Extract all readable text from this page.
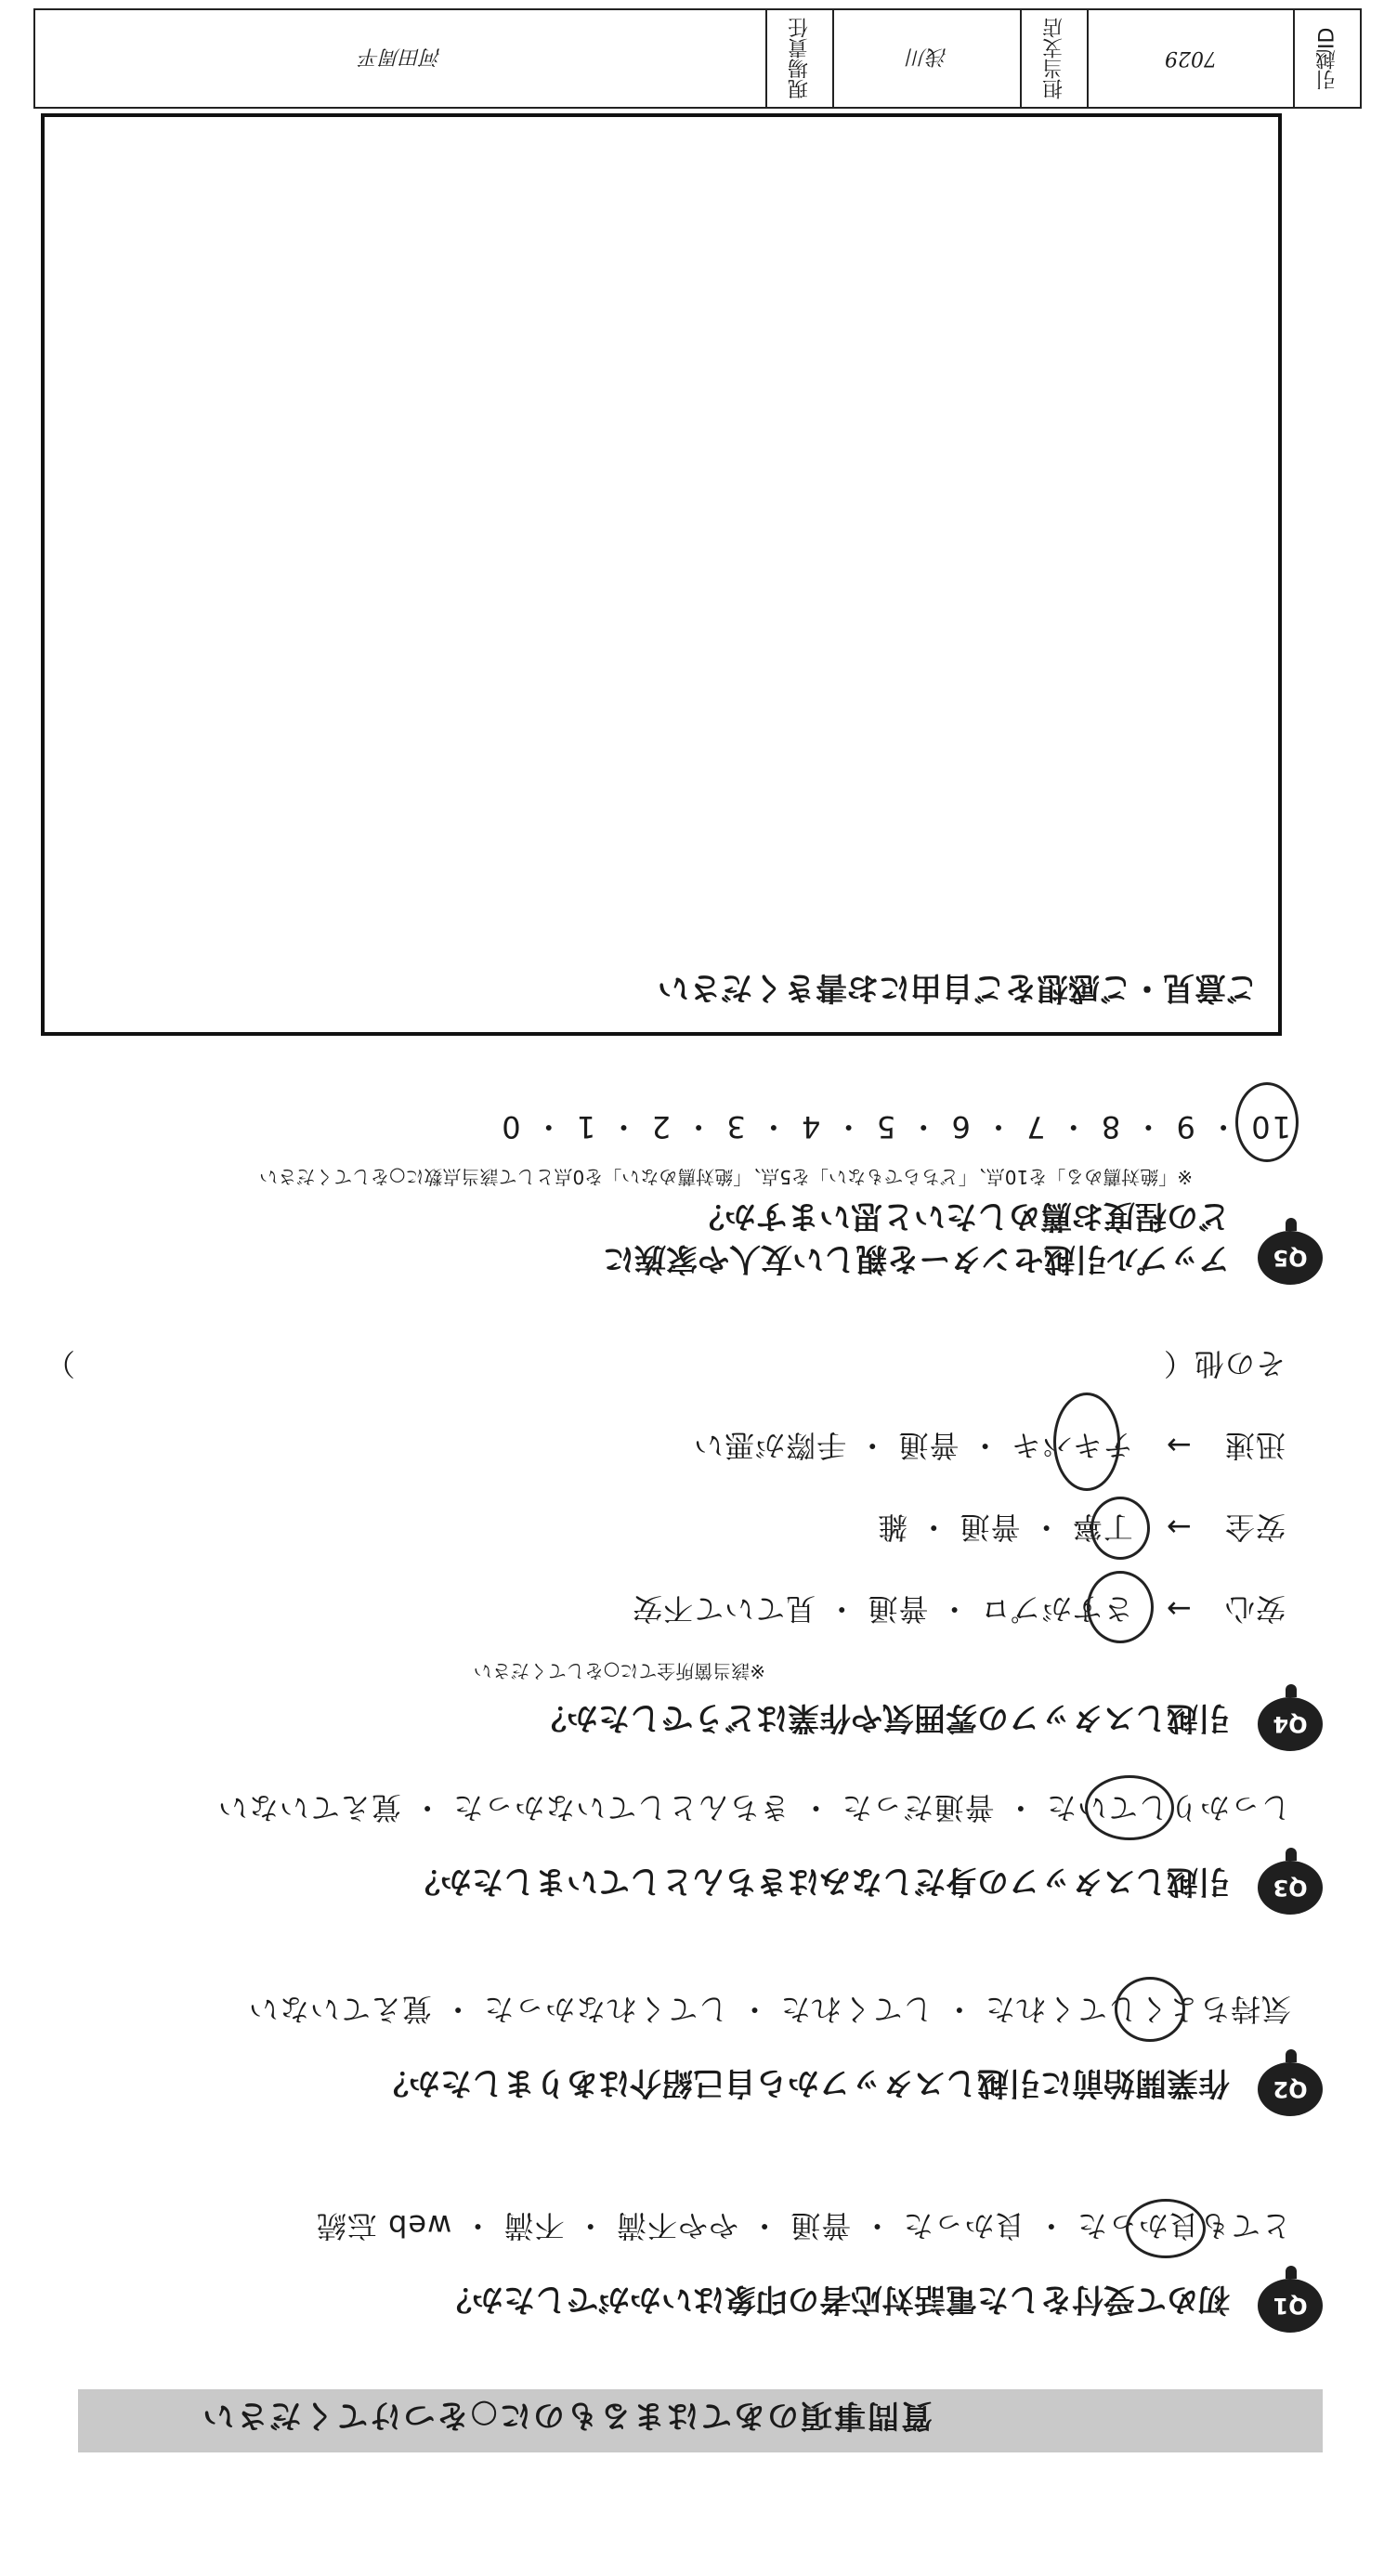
質問事項のあてはまるものに○をつけてください
Q1
初めて受付をした電話対応者の印象はいかがでしたか？
とても良かった ・ 良かった ・ 普通 ・ やや不満 ・ 不満 ・ web 忘続
Q2
作業開始前に引越しスタッフから自己紹介はありましたか？
気持ちよくしてくれた ・ してくれた ・ してくれなかった ・ 覚えていない
Q3
引越しスタッフの身だしなみはきちんとしていましたか？
しっかりしていた ・ 普通だった ・ きちんとしていなかった ・ 覚えていない
Q4
引越しスタッフの雰囲気や作業はどうでしたか？
※該当箇所全てに○をしてください
安心 → さすがプロ ・ 普通 ・ 見ていて不安
安全 → 丁寧 ・ 普通 ・ 雑
迅速 → テキパキ ・ 普通 ・ 手際が悪い
その他（ ）
Q5
アップル引越センターを親しい友人や家族に
どの程度お薦めしたいと思いますか？
※「絶対薦める」を10点、「どちらでもない」を5点、「絶対薦めない」を0点として該当点数に○をしてください
10 ・ 9 ・ 8 ・ 7 ・ 6 ・ 5 ・ 4 ・ 3 ・ 2 ・ 1 ・ 0
ご意見・ご感想をご自由にお書きください
引越ID
7029
担当支店
浅川
現場責任
河田周平
